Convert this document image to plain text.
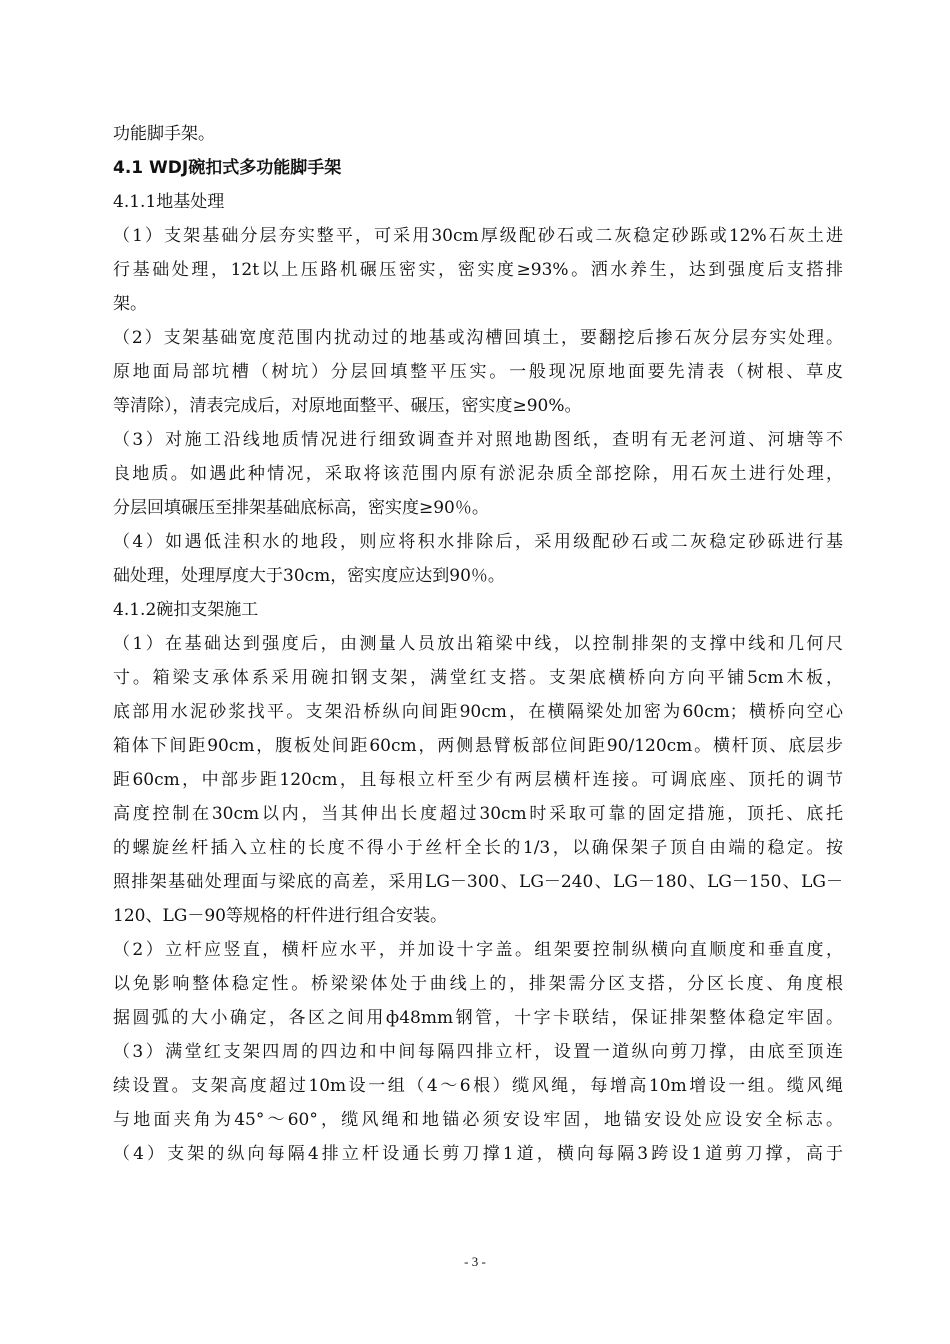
功能脚手架。
4.1 WDJ碗扣式多功能脚手架
4.1.1地基处理
（1）支架基础分层夯实整平，可采用30cm厚级配砂石或二灰稳定砂跞或12%石灰土进
行基础处理，12t以上压路机碾压密实，密实度≥93%。洒水养生，达到强度后支搭排
架。
（2）支架基础宽度范围内扰动过的地基或沟槽回填土，要翻挖后掺石灰分层夯实处理。
原地面局部坑槽（树坑）分层回填整平压实。一般现况原地面要先清表（树根、草皮
等清除），清表完成后，对原地面整平、碾压，密实度≥90%。
（3）对施工沿线地质情况进行细致调查并对照地勘图纸，查明有无老河道、河塘等不
良地质。如遇此种情况，采取将该范围内原有淤泥杂质全部挖除，用石灰土进行处理，
分层回填碾压至排架基础底标高，密实度≥90％。
（4）如遇低洼积水的地段，则应将积水排除后，采用级配砂石或二灰稳定砂砾进行基
础处理，处理厚度大于30cm，密实度应达到90％。
4.1.2碗扣支架施工
（1）在基础达到强度后，由测量人员放出箱梁中线，以控制排架的支撑中线和几何尺
寸。箱梁支承体系采用碗扣钢支架，满堂红支搭。支架底横桥向方向平铺5cm木板，
底部用水泥砂浆找平。支架沿桥纵向间距90cm，在横隔梁处加密为60cm；横桥向空心
箱体下间距90cm，腹板处间距60cm，两侧悬臂板部位间距90/120cm。横杆顶、底层步
距60cm，中部步距120cm，且每根立杆至少有两层横杆连接。可调底座、顶托的调节
高度控制在30cm以内，当其伸出长度超过30cm时采取可靠的固定措施，顶托、底托
的螺旋丝杆插入立柱的长度不得小于丝杆全长的1/3，以确保架子顶自由端的稳定。按
照排架基础处理面与梁底的高差，采用LG－300、LG－240、LG－180、LG－150、LG－
120、LG－90等规格的杆件进行组合安装。
（2）立杆应竖直，横杆应水平，并加设十字盖。组架要控制纵横向直顺度和垂直度，
以免影响整体稳定性。桥梁梁体处于曲线上的，排架需分区支搭，分区长度、角度根
据圆弧的大小确定，各区之间用ф48mm钢管，十字卡联结，保证排架整体稳定牢固。
（3）满堂红支架四周的四边和中间每隔四排立杆，设置一道纵向剪刀撑，由底至顶连
续设置。支架高度超过10m设一组（4～6根）缆风绳，每增高10m增设一组。缆风绳
与地面夹角为45°～60°，缆风绳和地锚必须安设牢固，地锚安设处应设安全标志。
（4）支架的纵向每隔4排立杆设通长剪刀撑1道，横向每隔3跨设1道剪刀撑，高于
- 3 -
